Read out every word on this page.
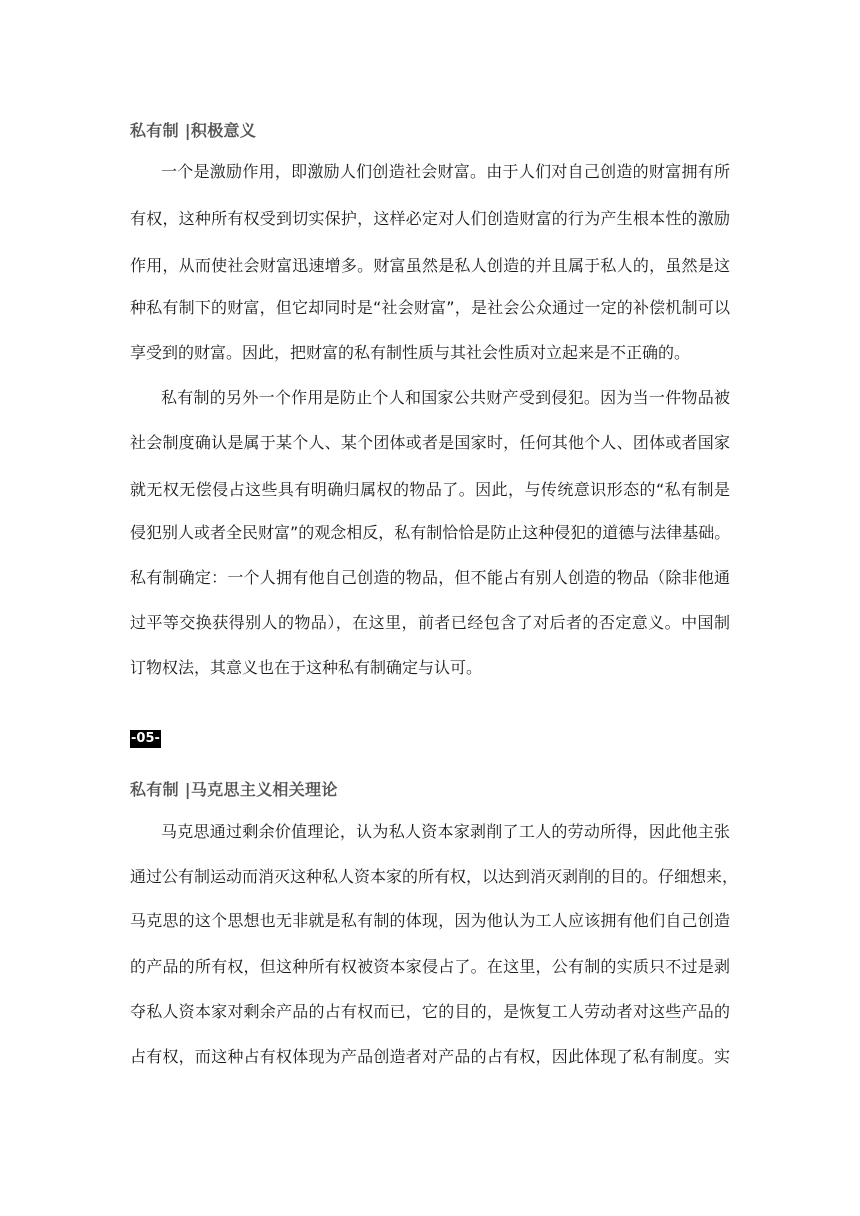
私有制 |积极意义
一个是激励作用，即激励人们创造社会财富。由于人们对自己创造的财富拥有所
有权，这种所有权受到切实保护，这样必定对人们创造财富的行为产生根本性的激励
作用，从而使社会财富迅速增多。财富虽然是私人创造的并且属于私人的，虽然是这
种私有制下的财富，但它却同时是“社会财富”，是社会公众通过一定的补偿机制可以
享受到的财富。因此，把财富的私有制性质与其社会性质对立起来是不正确的。
私有制的另外一个作用是防止个人和国家公共财产受到侵犯。因为当一件物品被
社会制度确认是属于某个人、某个团体或者是国家时，任何其他个人、团体或者国家
就无权无偿侵占这些具有明确归属权的物品了。因此，与传统意识形态的“私有制是
侵犯别人或者全民财富”的观念相反，私有制恰恰是防止这种侵犯的道德与法律基础。
私有制确定：一个人拥有他自己创造的物品，但不能占有别人创造的物品（除非他通
过平等交换获得别人的物品），在这里，前者已经包含了对后者的否定意义。中国制
订物权法，其意义也在于这种私有制确定与认可。
-05-
私有制 |马克思主义相关理论
马克思通过剩余价值理论，认为私人资本家剥削了工人的劳动所得，因此他主张
通过公有制运动而消灭这种私人资本家的所有权，以达到消灭剥削的目的。仔细想来，
马克思的这个思想也无非就是私有制的体现，因为他认为工人应该拥有他们自己创造
的产品的所有权，但这种所有权被资本家侵占了。在这里，公有制的实质只不过是剥
夺私人资本家对剩余产品的占有权而已，它的目的，是恢复工人劳动者对这些产品的
占有权，而这种占有权体现为产品创造者对产品的占有权，因此体现了私有制度。实
